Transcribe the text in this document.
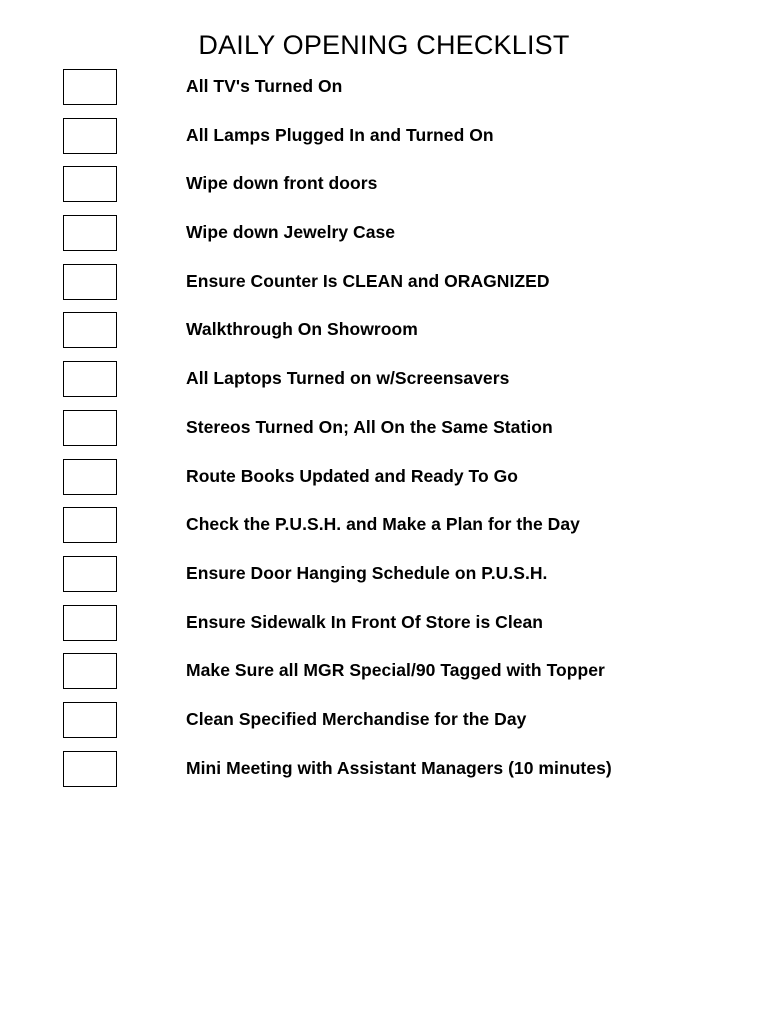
DAILY OPENING CHECKLIST
All TV's Turned On
All Lamps Plugged In and Turned On
Wipe down front doors
Wipe down Jewelry Case
Ensure Counter Is CLEAN and ORAGNIZED
Walkthrough On Showroom
All Laptops Turned on w/Screensavers
Stereos Turned On; All On the Same Station
Route Books Updated and Ready To Go
Check the P.U.S.H. and Make a Plan for the Day
Ensure Door Hanging Schedule on P.U.S.H.
Ensure Sidewalk In Front Of Store is Clean
Make Sure all MGR Special/90 Tagged with Topper
Clean Specified Merchandise for the Day
Mini Meeting with Assistant Managers (10 minutes)
